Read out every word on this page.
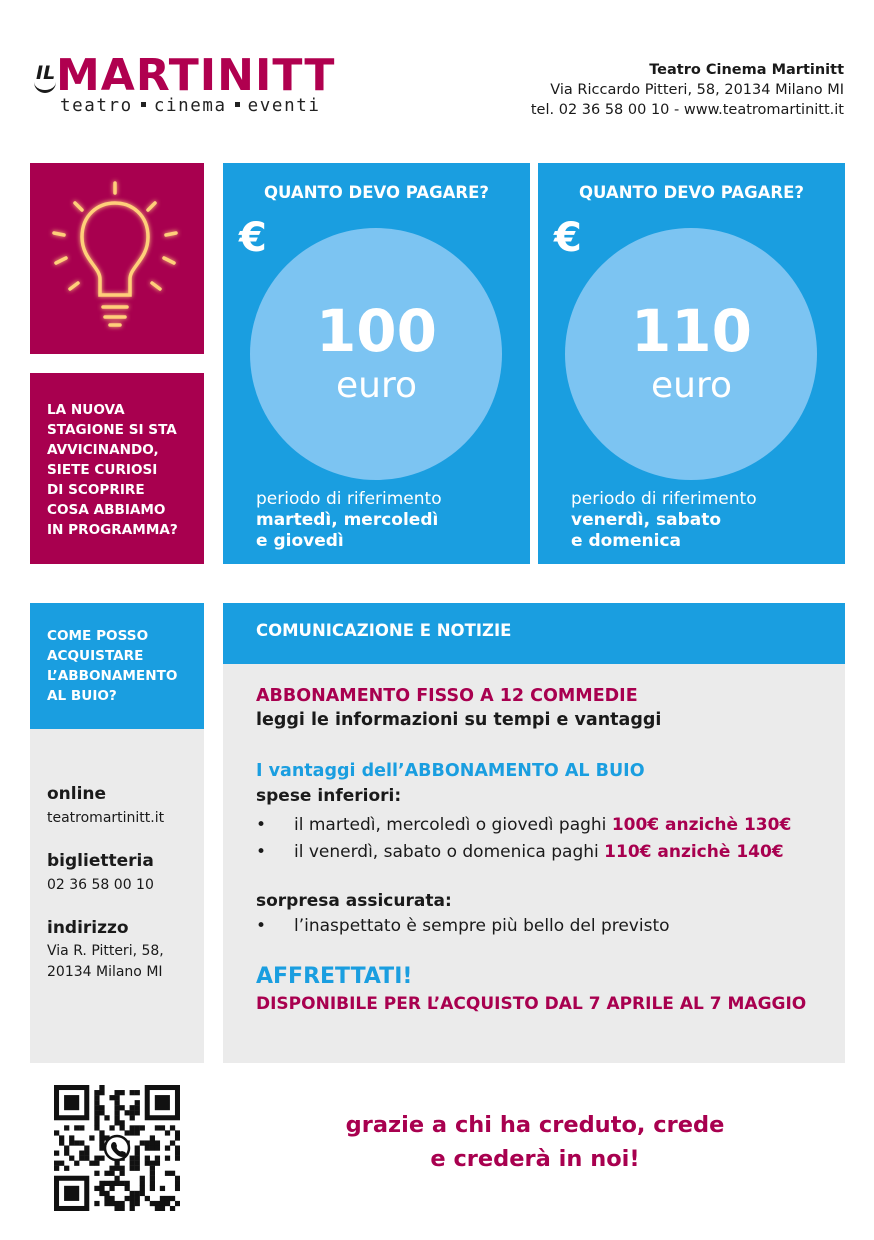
IL MARTINITT
teatro cinema eventi
Teatro Cinema Martinitt
Via Riccardo Pitteri, 58, 20134 Milano MI
tel. 02 36 58 00 10 - www.teatromartinitt.it
LA NUOVA
STAGIONE SI STA
AVVICINANDO,
SIETE CURIOSI
DI SCOPRIRE
COSA ABBIAMO
IN PROGRAMMA?
QUANTO DEVO PAGARE?
€
100
euro
periodo di riferimento
martedì, mercoledì
e giovedì
QUANTO DEVO PAGARE?
€
110
euro
periodo di riferimento
venerdì, sabato
e domenica
COME POSSO
ACQUISTARE
L’ABBONAMENTO
AL BUIO?
online
teatromartinitt.it
biglietteria
02 36 58 00 10
indirizzo
Via R. Pitteri, 58,
20134 Milano MI
COMUNICAZIONE E NOTIZIE
ABBONAMENTO FISSO A 12 COMMEDIE
leggi le informazioni su tempi e vantaggi
I vantaggi dell’ABBONAMENTO AL BUIO
spese inferiori:
• il martedì, mercoledì o giovedì paghi 100€ anzichè 130€
• il venerdì, sabato o domenica paghi 110€ anzichè 140€
sorpresa assicurata:
• l’inaspettato è sempre più bello del previsto
AFFRETTATI!
DISPONIBILE PER L’ACQUISTO DAL 7 APRILE AL 7 MAGGIO
grazie a chi ha creduto, crede
e crederà in noi!
